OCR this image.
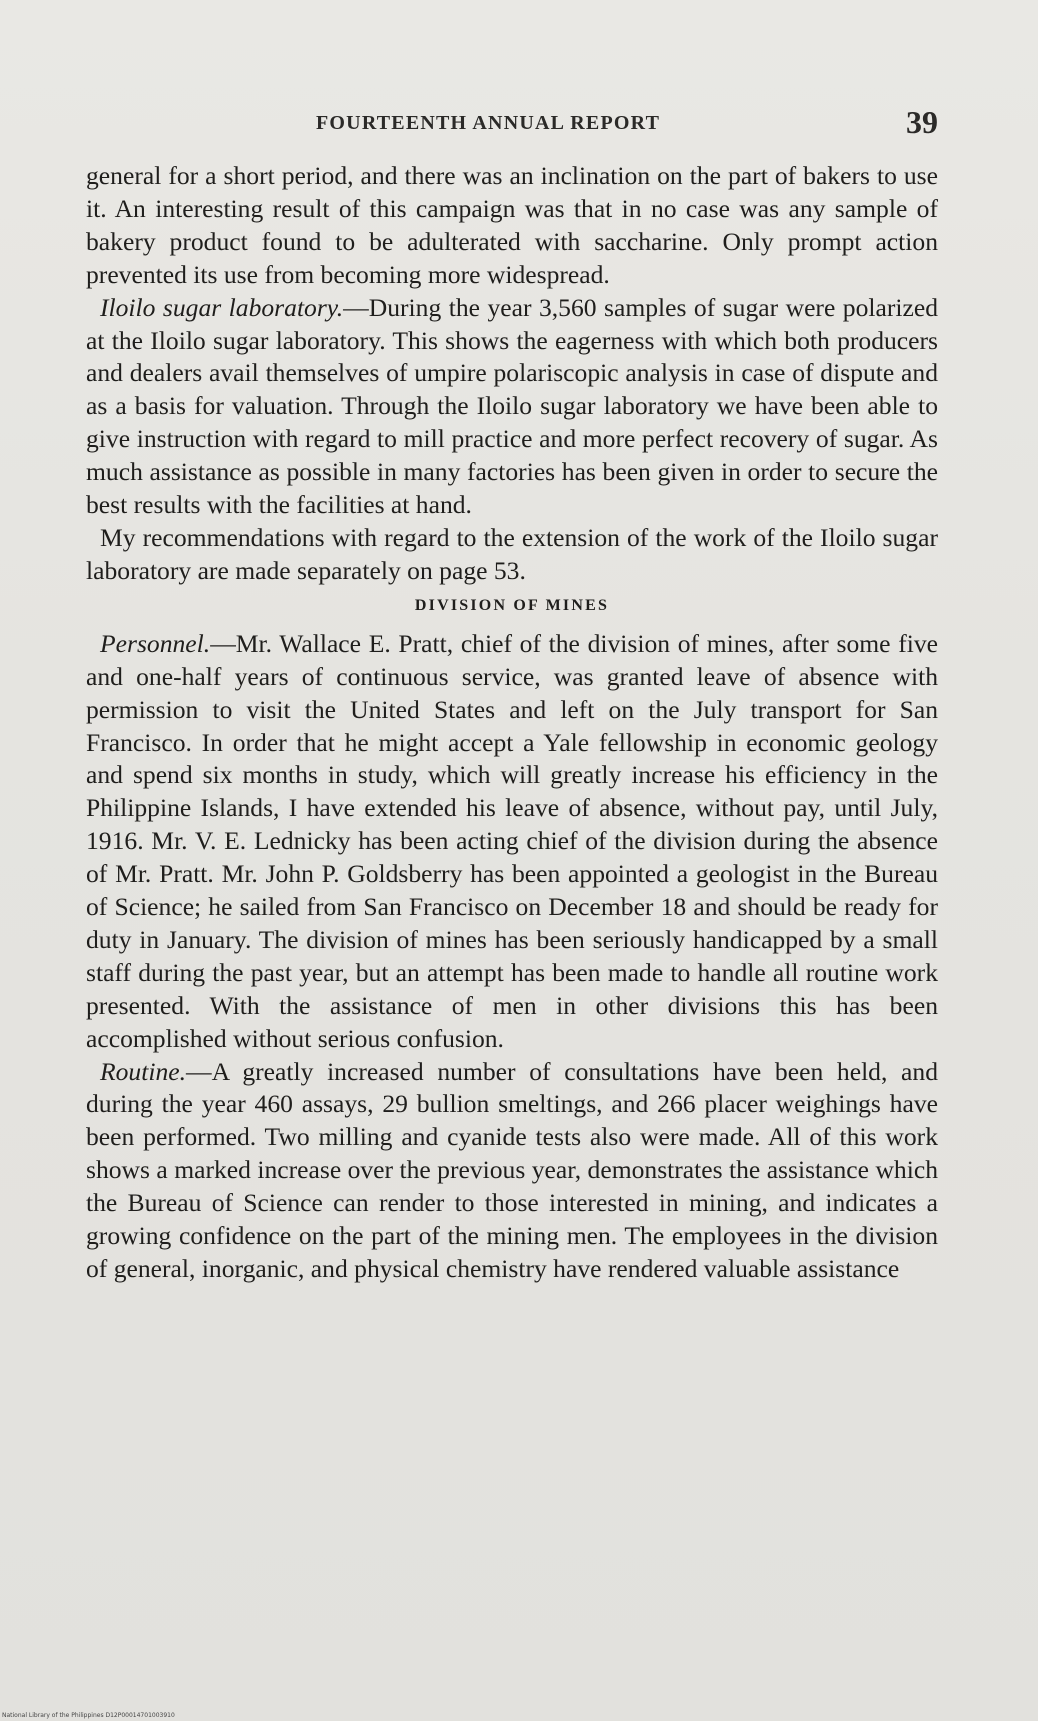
FOURTEENTH ANNUAL REPORT	39

general for a short period, and there was an inclination on the part of bakers to use it. An interesting result of this campaign was that in no case was any sample of bakery product found to be adulterated with saccharine. Only prompt action prevented its use from becoming more widespread.

Iloilo sugar laboratory.—During the year 3,560 samples of sugar were polarized at the Iloilo sugar laboratory. This shows the eagerness with which both producers and dealers avail themselves of umpire polariscopic analysis in case of dispute and as a basis for valuation. Through the Iloilo sugar laboratory we have been able to give instruction with regard to mill practice and more perfect recovery of sugar. As much assistance as possible in many factories has been given in order to secure the best results with the facilities at hand.

My recommendations with regard to the extension of the work of the Iloilo sugar laboratory are made separately on page 53.

DIVISION OF MINES

Personnel.—Mr. Wallace E. Pratt, chief of the division of mines, after some five and one-half years of continuous service, was granted leave of absence with permission to visit the United States and left on the July transport for San Francisco. In order that he might accept a Yale fellowship in economic geology and spend six months in study, which will greatly increase his efficiency in the Philippine Islands, I have extended his leave of absence, without pay, until July, 1916. Mr. V. E. Lednicky has been acting chief of the division during the absence of Mr. Pratt. Mr. John P. Goldsberry has been appointed a geologist in the Bureau of Science; he sailed from San Francisco on December 18 and should be ready for duty in January. The division of mines has been seriously handicapped by a small staff during the past year, but an attempt has been made to handle all routine work presented. With the assistance of men in other divisions this has been accomplished without serious confusion.

Routine.—A greatly increased number of consultations have been held, and during the year 460 assays, 29 bullion smeltings, and 266 placer weighings have been performed. Two milling and cyanide tests also were made. All of this work shows a marked increase over the previous year, demonstrates the assistance which the Bureau of Science can render to those interested in mining, and indicates a growing confidence on the part of the mining men. The employees in the division of general, inorganic, and physical chemistry have rendered valuable assistance

National Library of the Philippines D12P00014701003910
